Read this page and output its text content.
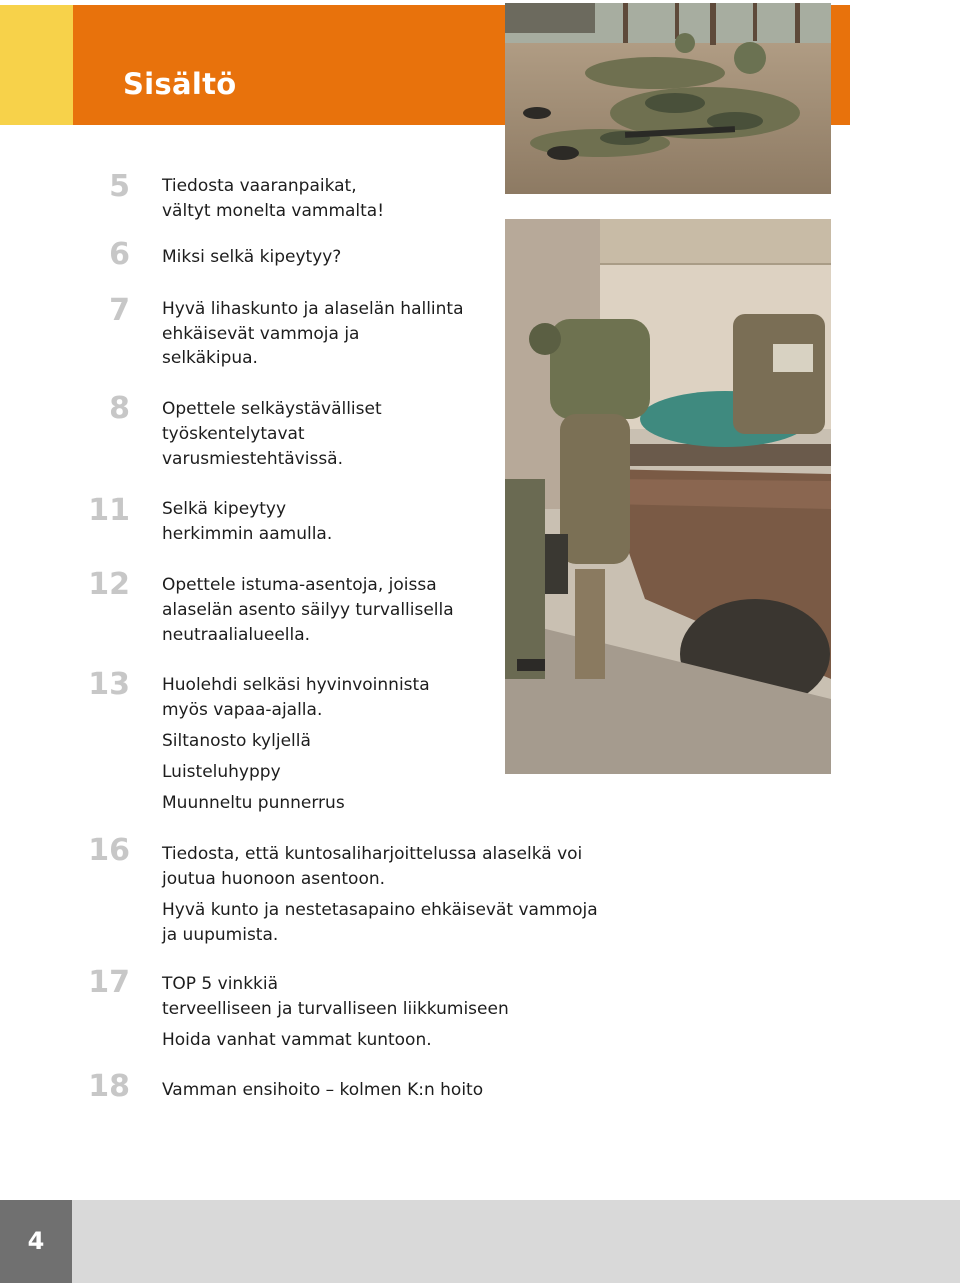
Sisältö
5 Tiedosta vaaranpaikat,
vältyt monelta vammalta!
6 Miksi selkä kipeytyy?
7 Hyvä lihaskunto ja alaselän hallinta
ehkäisevät vammoja ja
selkäkipua.
8 Opettele selkäystävälliset
työskentelytavat
varusmiestehtävissä.
11 Selkä kipeytyy
herkimmin aamulla.
12 Opettele istuma-asentoja, joissa
alaselän asento säilyy turvallisella
neutraalialueella.
13 Huolehdi selkäsi hyvinvoinnista
myös vapaa-ajalla.
Siltanosto kyljellä
Luisteluhyppy
Muunneltu punnerrus
16 Tiedosta, että kuntosaliharjoittelussa alaselkä voi
joutua huonoon asentoon.
Hyvä kunto ja nestetasapaino ehkäisevät vammoja
ja uupumista.
17 TOP 5 vinkkiä
terveelliseen ja turvalliseen liikkumiseen
Hoida vanhat vammat kuntoon.
18 Vamman ensihoito – kolmen K:n hoito
4
